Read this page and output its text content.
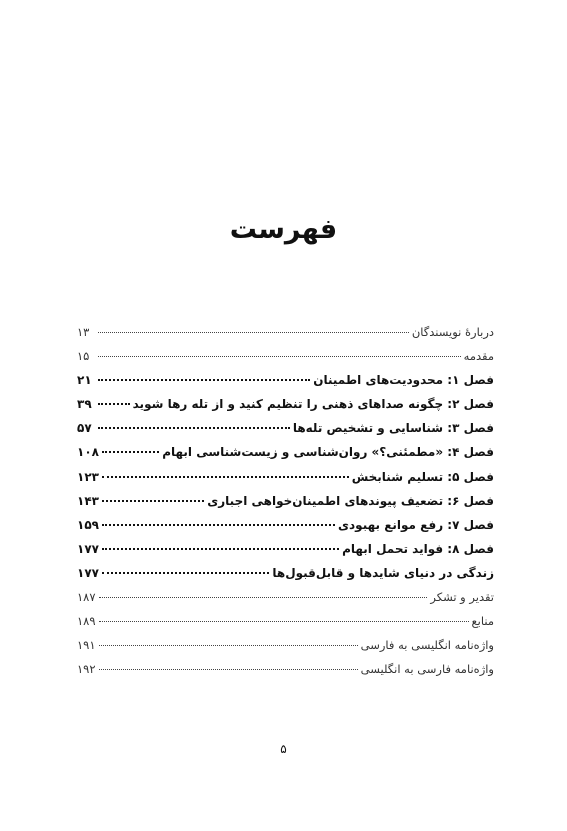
فهرست
دربارهٔ نویسندگان
۱۳
مقدمه
۱۵
فصل ۱: محدودیت‌های اطمینان
۲۱
فصل ۲: چگونه صداهای ذهنی را تنظیم کنید و از تله رها شوید
۳۹
فصل ۳: شناسایی و تشخیص تله‌ها
۵۷
فصل ۴: «مطمئنی؟» روان‌شناسی و زیست‌شناسی ابهام
۱۰۸
فصل ۵: تسلیم شنابخش
۱۲۳
فصل ۶: تضعیف پیوندهای اطمینان‌خواهی اجباری
۱۴۳
فصل ۷: رفع موانع بهبودی
۱۵۹
فصل ۸: فواید تحمل ابهام
۱۷۷
زندگی در دنیای شایدها و قابل‌قبول‌ها
۱۷۷
تقدیر و تشکر
۱۸۷
منابع
۱۸۹
واژه‌نامه انگلیسی به فارسی
۱۹۱
واژه‌نامه فارسی به انگلیسی
۱۹۲
۵
